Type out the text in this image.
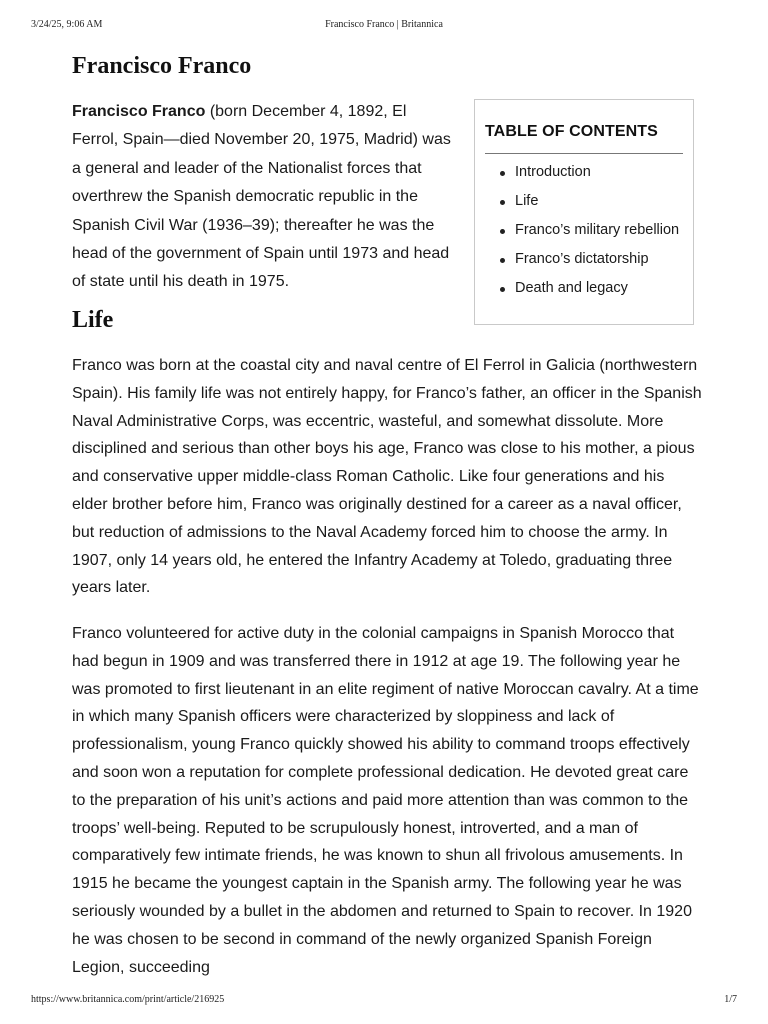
3/24/25, 9:06 AM	Francisco Franco | Britannica
Francisco Franco

Francisco Franco (born December 4, 1892, El Ferrol, Spain—died November 20, 1975, Madrid) was a general and leader of the Nationalist forces that overthrew the Spanish democratic republic in the Spanish Civil War (1936–39); thereafter he was the head of the government of Spain until 1973 and head of state until his death in 1975.

TABLE OF CONTENTS
Introduction
Life
Franco’s military rebellion
Franco’s dictatorship
Death and legacy
Life

Franco was born at the coastal city and naval centre of El Ferrol in Galicia (northwestern Spain). His family life was not entirely happy, for Franco’s father, an officer in the Spanish Naval Administrative Corps, was eccentric, wasteful, and somewhat dissolute. More disciplined and serious than other boys his age, Franco was close to his mother, a pious and conservative upper middle-class Roman Catholic. Like four generations and his elder brother before him, Franco was originally destined for a career as a naval officer, but reduction of admissions to the Naval Academy forced him to choose the army. In 1907, only 14 years old, he entered the Infantry Academy at Toledo, graduating three years later.

Franco volunteered for active duty in the colonial campaigns in Spanish Morocco that had begun in 1909 and was transferred there in 1912 at age 19. The following year he was promoted to first lieutenant in an elite regiment of native Moroccan cavalry. At a time in which many Spanish officers were characterized by sloppiness and lack of professionalism, young Franco quickly showed his ability to command troops effectively and soon won a reputation for complete professional dedication. He devoted great care to the preparation of his unit’s actions and paid more attention than was common to the troops’ well-being. Reputed to be scrupulously honest, introverted, and a man of comparatively few intimate friends, he was known to shun all frivolous amusements. In 1915 he became the youngest captain in the Spanish army. The following year he was seriously wounded by a bullet in the abdomen and returned to Spain to recover. In 1920 he was chosen to be second in command of the newly organized Spanish Foreign Legion, succeeding

https://www.britannica.com/print/article/216925	1/7
